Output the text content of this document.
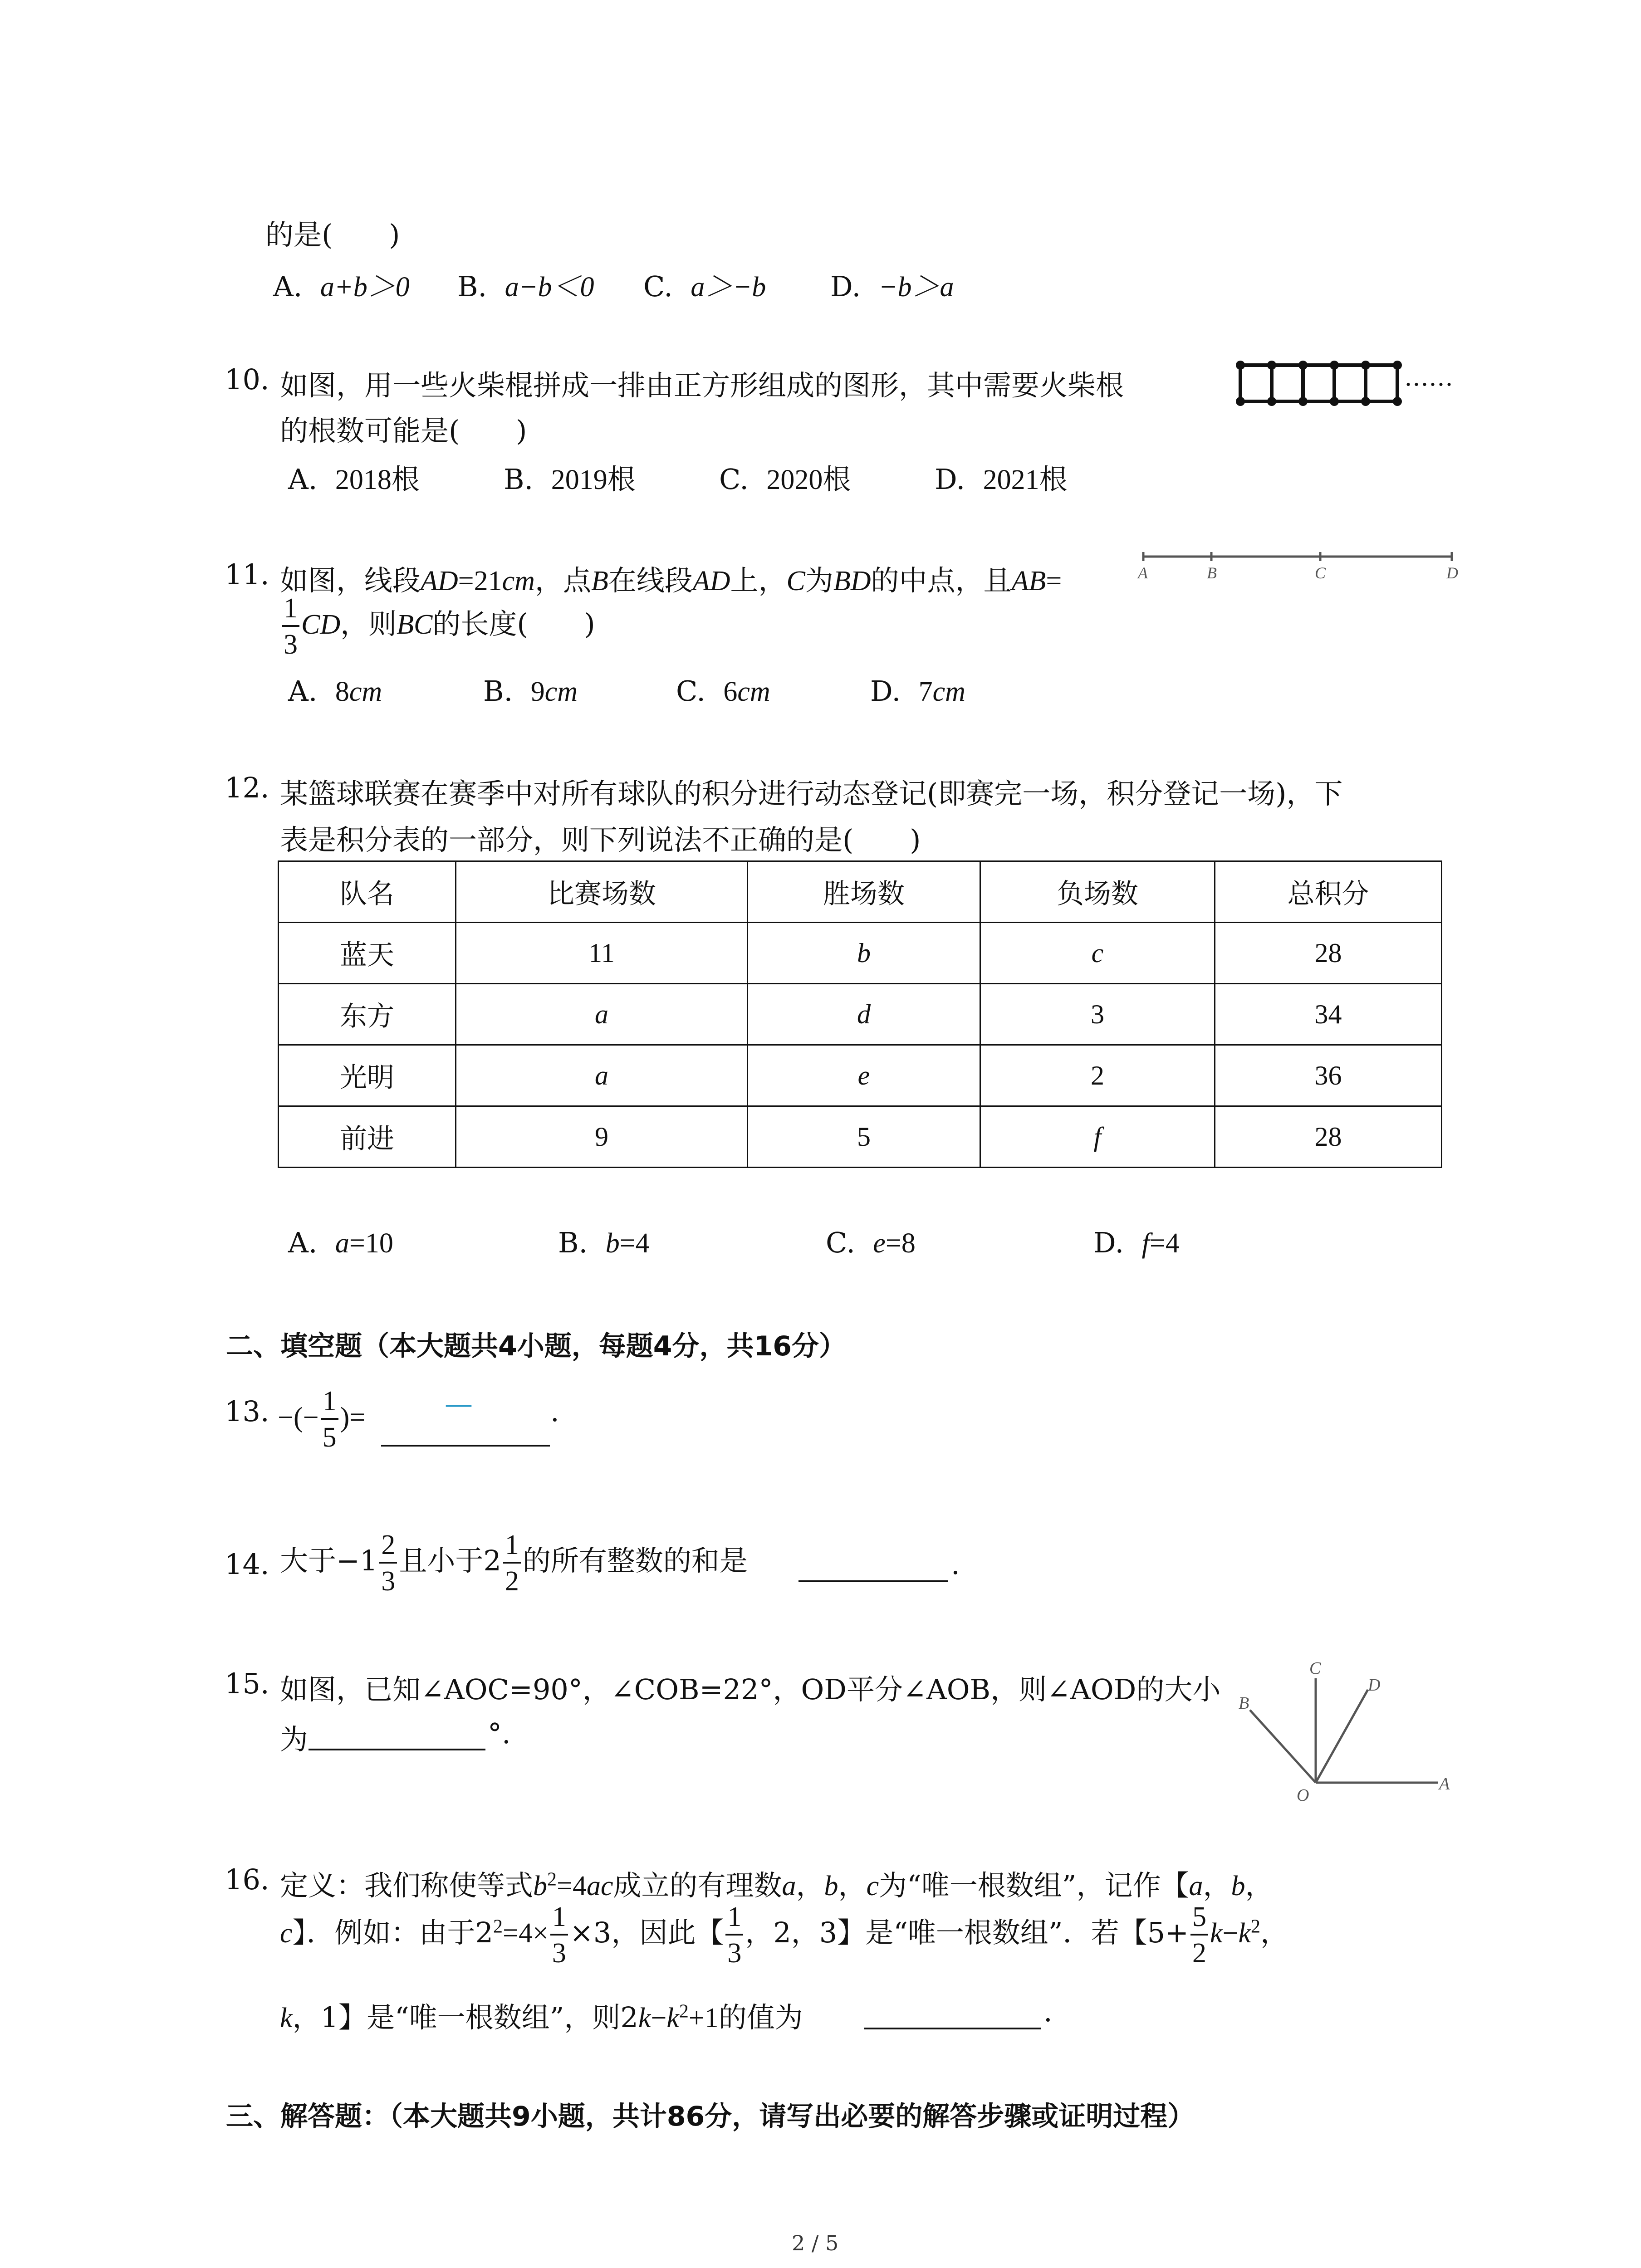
的是(　　)
A. a+b＞0 B. a−b＜0 C. a＞−b D. −b＞a
10. 如图，用一些火柴棍拼成一排由正方形组成的图形，其中需要火柴根
的根数可能是(　　)
……
A. 2018根	B. 2019根	C. 2020根	D. 2021根
11. 如图，线段AD=21cm，点B在线段AD上，C为BD的中点，且AB=
$\frac{1}{3}$ CD，则BC的长度(　　)
A	B	C	D
A. 8cm	B. 9cm	C. 6cm	D. 7cm
12. 某篮球联赛在赛季中对所有球队的积分进行动态登记(即赛完一场，积分登记一场)，下
表是积分表的一部分，则下列说法不正确的是(　　)
队名	比赛场数	胜场数	负场数	总积分
蓝天	11	b	c	28
东方	a	d	3	34
光明	a	e	2	36
前进	9	5	f	28
A. a=10	B. b=4	C. e=8	D. f=4
二、填空题（本大题共4小题，每题4分，共16分）
13. −(− $\frac{1}{5}$ )=	—	.
14. 大于$-1 \frac{2}{3}$ 且小于$2 \frac{1}{2}$ 的所有整数的和是	.
15. 如图，已知∠AOC=90°，∠COB=22°，OD平分∠AOB，则∠AOD的大小
为	°.
C
D
B
O
A
16. 定义：我们称使等式$b^2=4ac$成立的有理数a，b，c为“唯一根数组”，记作【a，b，
c】．例如：由于$2^2=4\times \frac{1}{3} \times 3$，因此【 $\frac{1}{3}$ ，2，3】是“唯一根数组”．若【$5+ \frac{5}{2} k-k^2$，
k，1】是“唯一根数组”，则$2k-k^2+1$的值为	.
三、解答题：（本大题共9小题，共计86分，请写出必要的解答步骤或证明过程）
2 / 5
